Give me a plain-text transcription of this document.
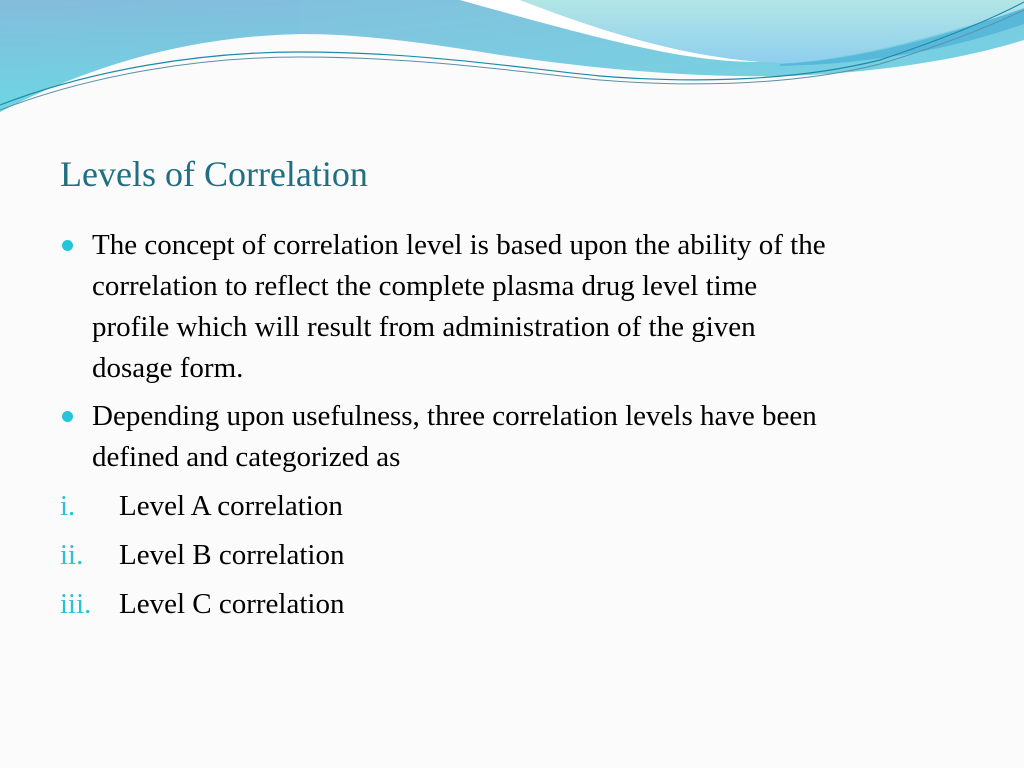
Levels of Correlation
The concept of correlation level is based upon the ability of the
correlation to reflect the complete plasma drug level time
profile which will result from administration of the given
dosage form.
Depending upon usefulness, three correlation levels have been
defined and categorized as
i. Level A correlation
ii. Level B correlation
iii. Level C correlation
